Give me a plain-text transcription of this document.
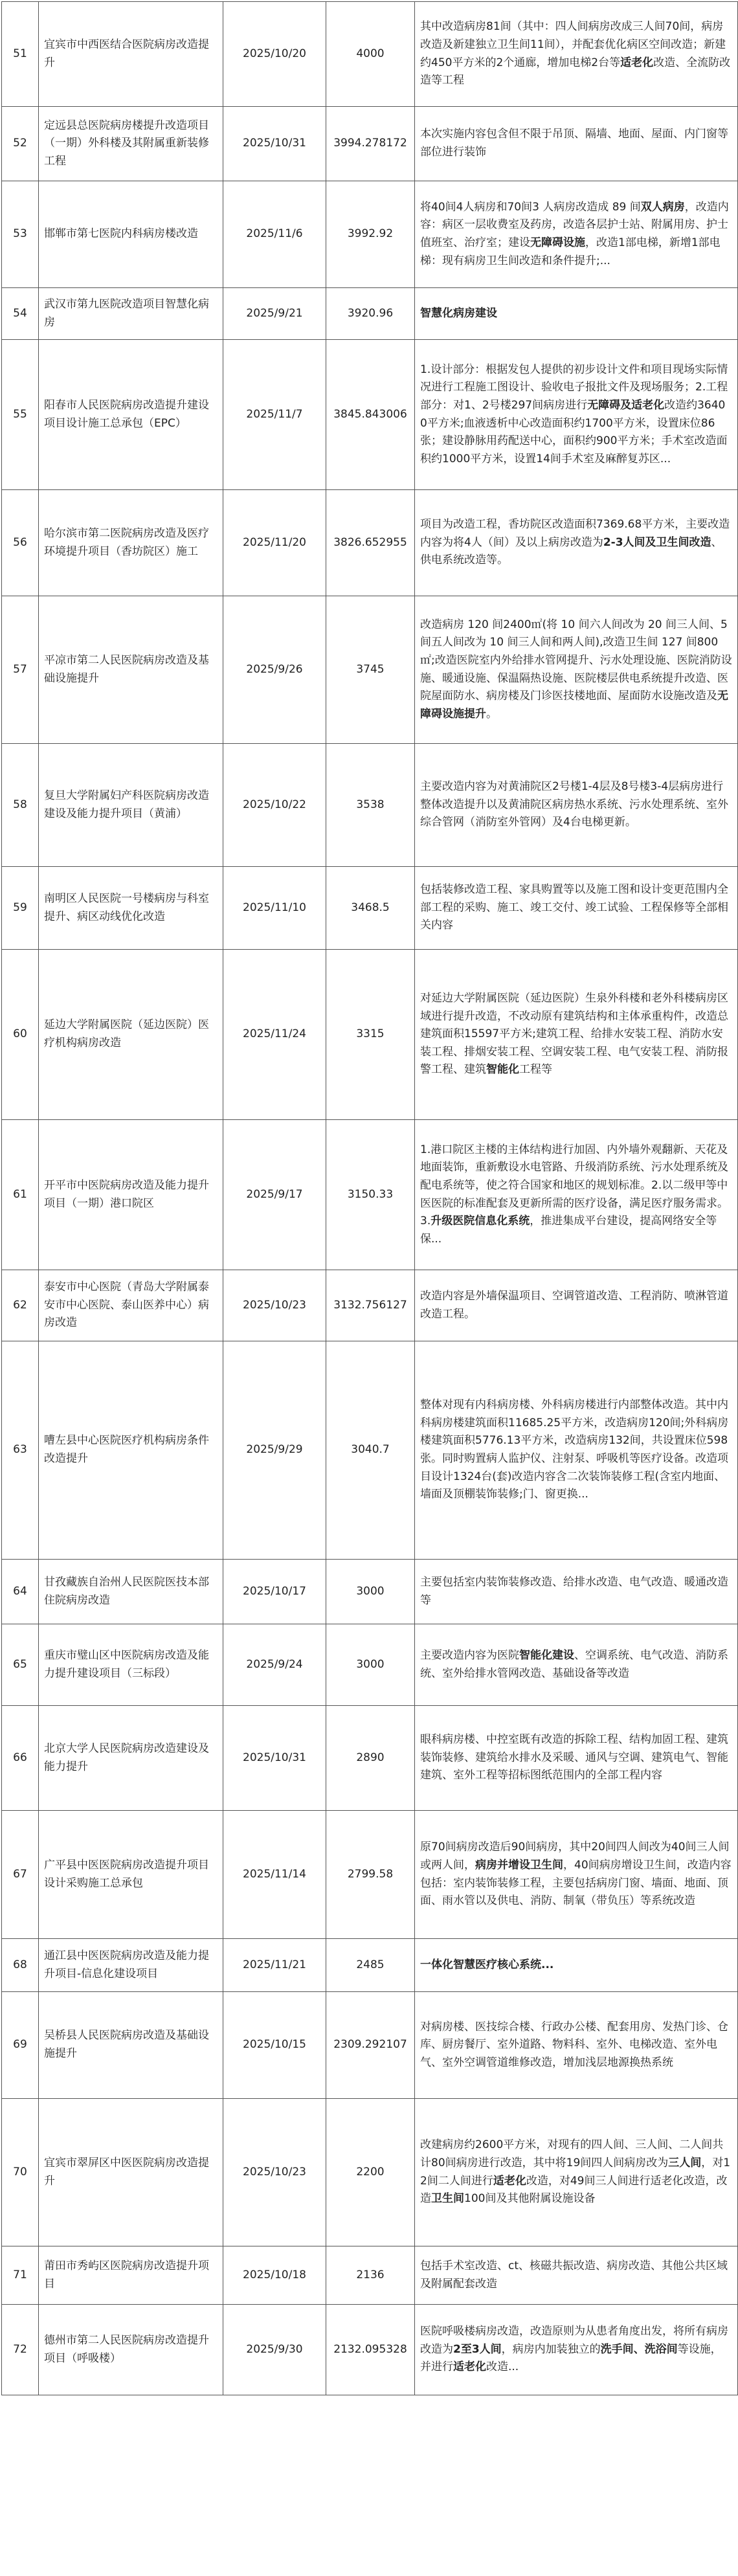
51	宜宾市中西医结合医院病房改造提升	2025/10/20	4000	其中改造病房81间（其中：四人间病房改成三人间70间，病房改造及新建独立卫生间11间），并配套优化病区空间改造；新建约450平方米的2个通廊，增加电梯2台等适老化改造、全流防改造等工程
52	定远县总医院病房楼提升改造项目（一期）外科楼及其附属重新装修工程	2025/10/31	3994.278172	本次实施内容包含但不限于吊顶、隔墙、地面、屋面、内门窗等部位进行装饰
53	邯郸市第七医院内科病房楼改造	2025/11/6	3992.92	将40间4人病房和70间3 人病房改造成 89 间双人病房，改造内容：病区一层收费室及药房，改造各层护士站、附属用房、护士值班室、治疗室；建设无障碍设施，改造1部电梯，新增1部电梯：现有病房卫生间改造和条件提升;...
54	武汉市第九医院改造项目智慧化病房	2025/9/21	3920.96	智慧化病房建设
55	阳春市人民医院病房改造提升建设项目设计施工总承包（EPC）	2025/11/7	3845.843006	1.设计部分：根据发包人提供的初步设计文件和项目现场实际情况进行工程施工图设计、验收电子报批文件及现场服务；2.工程部分：对1、2号楼297间病房进行无障碍及适老化改造约36400平方米;血液透析中心改造面积约1700平方米，设置床位86张；建设静脉用药配送中心，面积约900平方米；手术室改造面积约1000平方米，设置14间手术室及麻醉复苏区...
56	哈尔滨市第二医院病房改造及医疗环境提升项目（香坊院区）施工	2025/11/20	3826.652955	项目为改造工程，香坊院区改造面积7369.68平方米，主要改造内容为将4人（间）及以上病房改造为2-3人间及卫生间改造、供电系统改造等。
57	平凉市第二人民医院病房改造及基础设施提升	2025/9/26	3745	改造病房 120 间2400㎡(将 10 间六人间改为 20 间三人间、5间五人间改为 10 间三人间和两人间),改造卫生间 127 间800㎡;改造医院室内外给排水管网提升、污水处理设施、医院消防设施、暖通设施、保温隔热设施、医院楼层供电系统提升改造、医院屋面防水、病房楼及门诊医技楼地面、屋面防水设施改造及无障碍设施提升。
58	复旦大学附属妇产科医院病房改造建设及能力提升项目（黄浦）	2025/10/22	3538	主要改造内容为对黄浦院区2号楼1-4层及8号楼3-4层病房进行整体改造提升以及黄浦院区病房热水系统、污水处理系统、室外综合管网（消防室外管网）及4台电梯更新。
59	南明区人民医院一号楼病房与科室提升、病区动线优化改造	2025/11/10	3468.5	包括装修改造工程、家具购置等以及施工图和设计变更范围内全部工程的采购、施工、竣工交付、竣工试验、工程保修等全部相关内容
60	延边大学附属医院（延边医院）医疗机构病房改造	2025/11/24	3315	对延边大学附属医院（延边医院）生泉外科楼和老外科楼病房区域进行提升改造，不改动原有建筑结构和主体承重构件，改造总建筑面积15597平方米;建筑工程、给排水安装工程、消防水安装工程、排烟安装工程、空调安装工程、电气安装工程、消防报警工程、建筑智能化工程等
61	开平市中医院病房改造及能力提升项目（一期）港口院区	2025/9/17	3150.33	1.港口院区主楼的主体结构进行加固、内外墙外观翻新、天花及地面装饰，重新敷设水电管路、升级消防系统、污水处理系统及配电系统等，使之符合国家和地区的规划标准。2.以二级甲等中医医院的标准配套及更新所需的医疗设备，满足医疗服务需求。3.升级医院信息化系统，推进集成平台建设，提高网络安全等保...
62	泰安市中心医院（青岛大学附属泰安市中心医院、泰山医养中心）病房改造	2025/10/23	3132.756127	改造内容是外墙保温项目、空调管道改造、工程消防、喷淋管道改造工程。
63	嘈左县中心医院医疗机构病房条件改造提升	2025/9/29	3040.7	整体对现有内科病房楼、外科病房楼进行内部整体改造。其中内科病房楼建筑面积11685.25平方米，改造病房120间;外科病房楼建筑面积5776.13平方米，改造病房132间，共设置床位598张。同时购置病人监护仪、注射泵、呼吸机等医疗设备。改造项目设计1324台(套)改造内容含二次装饰装修工程(含室内地面、墙面及顶棚装饰装修;门、窗更换...
64	甘孜藏族自治州人民医院医技本部住院病房改造	2025/10/17	3000	主要包括室内装饰装修改造、给排水改造、电气改造、暖通改造等
65	重庆市璧山区中医院病房改造及能力提升建设项目（三标段）	2025/9/24	3000	主要改造内容为医院智能化建设、空调系统、电气改造、消防系统、室外给排水管网改造、基础设备等改造
66	北京大学人民医院病房改造建设及能力提升	2025/10/31	2890	眼科病房楼、中控室既有改造的拆除工程、结构加固工程、建筑装饰装修、建筑给水排水及采暖、通风与空调、建筑电气、智能建筑、室外工程等招标图纸范围内的全部工程内容
67	广平县中医医院病房改造提升项目设计采购施工总承包	2025/11/14	2799.58	原70间病房改造后90间病房，其中20间四人间改为40间三人间或两人间，病房并增设卫生间，40间病房增设卫生间，改造内容包括：室内装饰装修工程，主要包括病房门窗、墙面、地面、顶面、雨水管以及供电、消防、制氧（带负压）等系统改造
68	通江县中医医院病房改造及能力提升项目-信息化建设项目	2025/11/21	2485	一体化智慧医疗核心系统...
69	吴桥县人民医院病房改造及基础设施提升	2025/10/15	2309.292107	对病房楼、医技综合楼、行政办公楼、配套用房、发热门诊、仓库、厨房餐厅、室外道路、物料科、室外、电梯改造、室外电气、室外空调管道维修改造，增加浅层地源换热系统
70	宜宾市翠屏区中医医院病房改造提升	2025/10/23	2200	改建病房约2600平方米，对现有的四人间、三人间、二人间共计80间病房进行改造，其中将19间四人间病房改为三人间，对12间二人间进行适老化改造，对49间三人间进行适老化改造，改造卫生间100间及其他附属设施设备
71	莆田市秀屿区医院病房改造提升项目	2025/10/18	2136	包括手术室改造、ct、核磁共振改造、病房改造、其他公共区域及附属配套改造
72	德州市第二人民医院病房改造提升项目（呼吸楼）	2025/9/30	2132.095328	医院呼吸楼病房改造，改造原则为从患者角度出发，将所有病房改造为2至3人间，病房内加装独立的洗手间、洗浴间等设施，并进行适老化改造...
